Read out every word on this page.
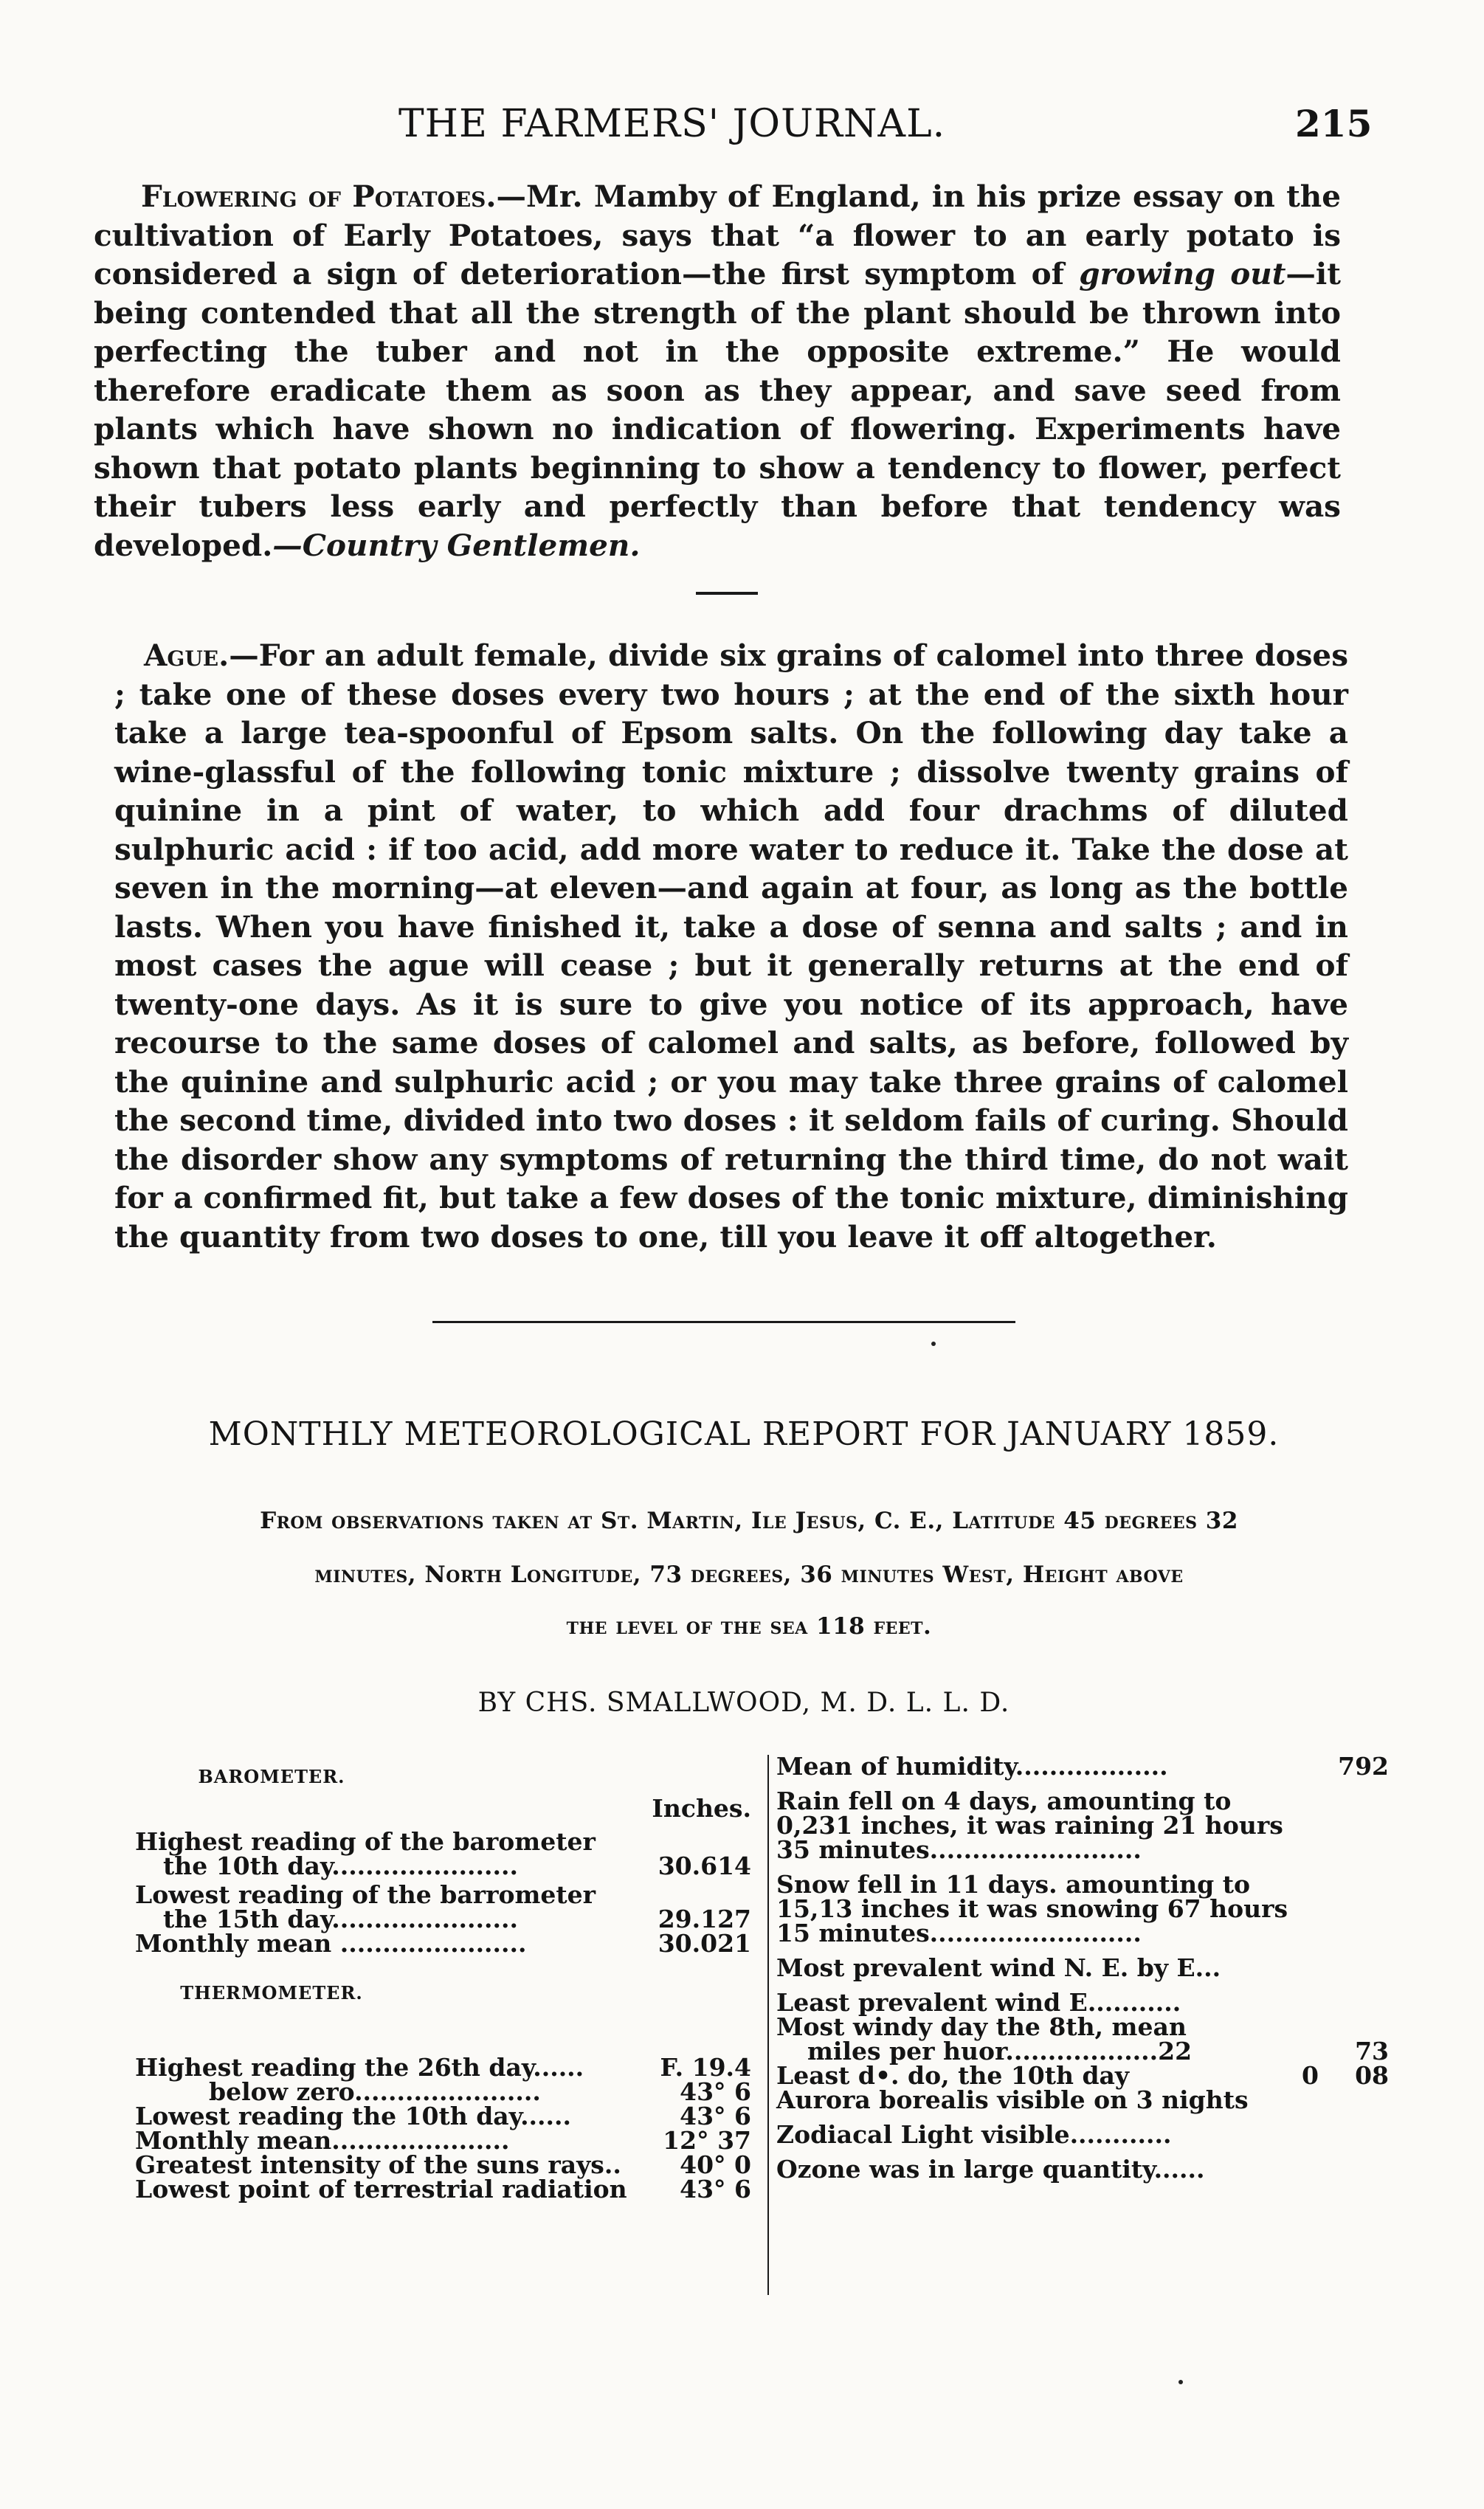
THE FARMERS' JOURNAL.	215
Flowering of Potatoes.—Mr. Mamby of England, in his prize essay on the cultivation of Early Potatoes, says that “a flower to an early potato is considered a sign of deterioration—the first symptom of growing out—it being contended that all the strength of the plant should be thrown into perfecting the tuber and not in the opposite extreme.” He would therefore eradicate them as soon as they appear, and save seed from plants which have shown no indication of flowering. Experiments have shown that potato plants beginning to show a tendency to flower, perfect their tubers less early and perfectly than before that tendency was developed.—Country Gentlemen.
Ague.—For an adult female, divide six grains of calomel into three doses ; take one of these doses every two hours ; at the end of the sixth hour take a large tea-spoonful of Epsom salts. On the following day take a wine-glassful of the following tonic mixture ; dissolve twenty grains of quinine in a pint of water, to which add four drachms of diluted sulphuric acid : if too acid, add more water to reduce it. Take the dose at seven in the morning—at eleven—and again at four, as long as the bottle lasts. When you have finished it, take a dose of senna and salts ; and in most cases the ague will cease ; but it generally returns at the end of twenty-one days. As it is sure to give you notice of its approach, have recourse to the same doses of calomel and salts, as before, followed by the quinine and sulphuric acid ; or you may take three grains of calomel the second time, divided into two doses : it seldom fails of curing. Should the disorder show any symptoms of returning the third time, do not wait for a confirmed fit, but take a few doses of the tonic mixture, diminishing the quantity from two doses to one, till you leave it off altogether.
MONTHLY METEOROLOGICAL REPORT FOR JANUARY 1859.
From observations taken at St. Martin, Ile Jesus, C. E., Latitude 45 degrees 32
minutes, North Longitude, 73 degrees, 36 minutes West, Height above
the level of the sea 118 feet.
BY CHS. SMALLWOOD, M. D. L. L. D.
BAROMETER.
Inches.
Highest reading of the barometer
the 10th day......................	30.614
Lowest reading of the barrometer
the 15th day......................	29.127
Monthly mean ......................	30.021
THERMOMETER.
Highest reading the 26th day......	F. 19.4
below zero......................	43° 6
Lowest reading the 10th day......	43° 6
Monthly mean.....................	12° 37
Greatest intensity of the suns rays.. 40° 0
Lowest point of terrestrial radiation 43° 6
Mean of humidity..................	792
Rain fell on 4 days, amounting to
0,231 inches, it was raining 21 hours
35 minutes.........................
Snow fell in 11 days. amounting to
15,13 inches it was snowing 67 hours
15 minutes.........................
Most prevalent wind N. E. by E...
Least prevalent wind E...........
Most windy day the 8th, mean
miles per huor..................22	73
Least d•. do, the 10th day	0 08
Aurora borealis visible on 3 nights
Zodiacal Light visible............
Ozone was in large quantity......
